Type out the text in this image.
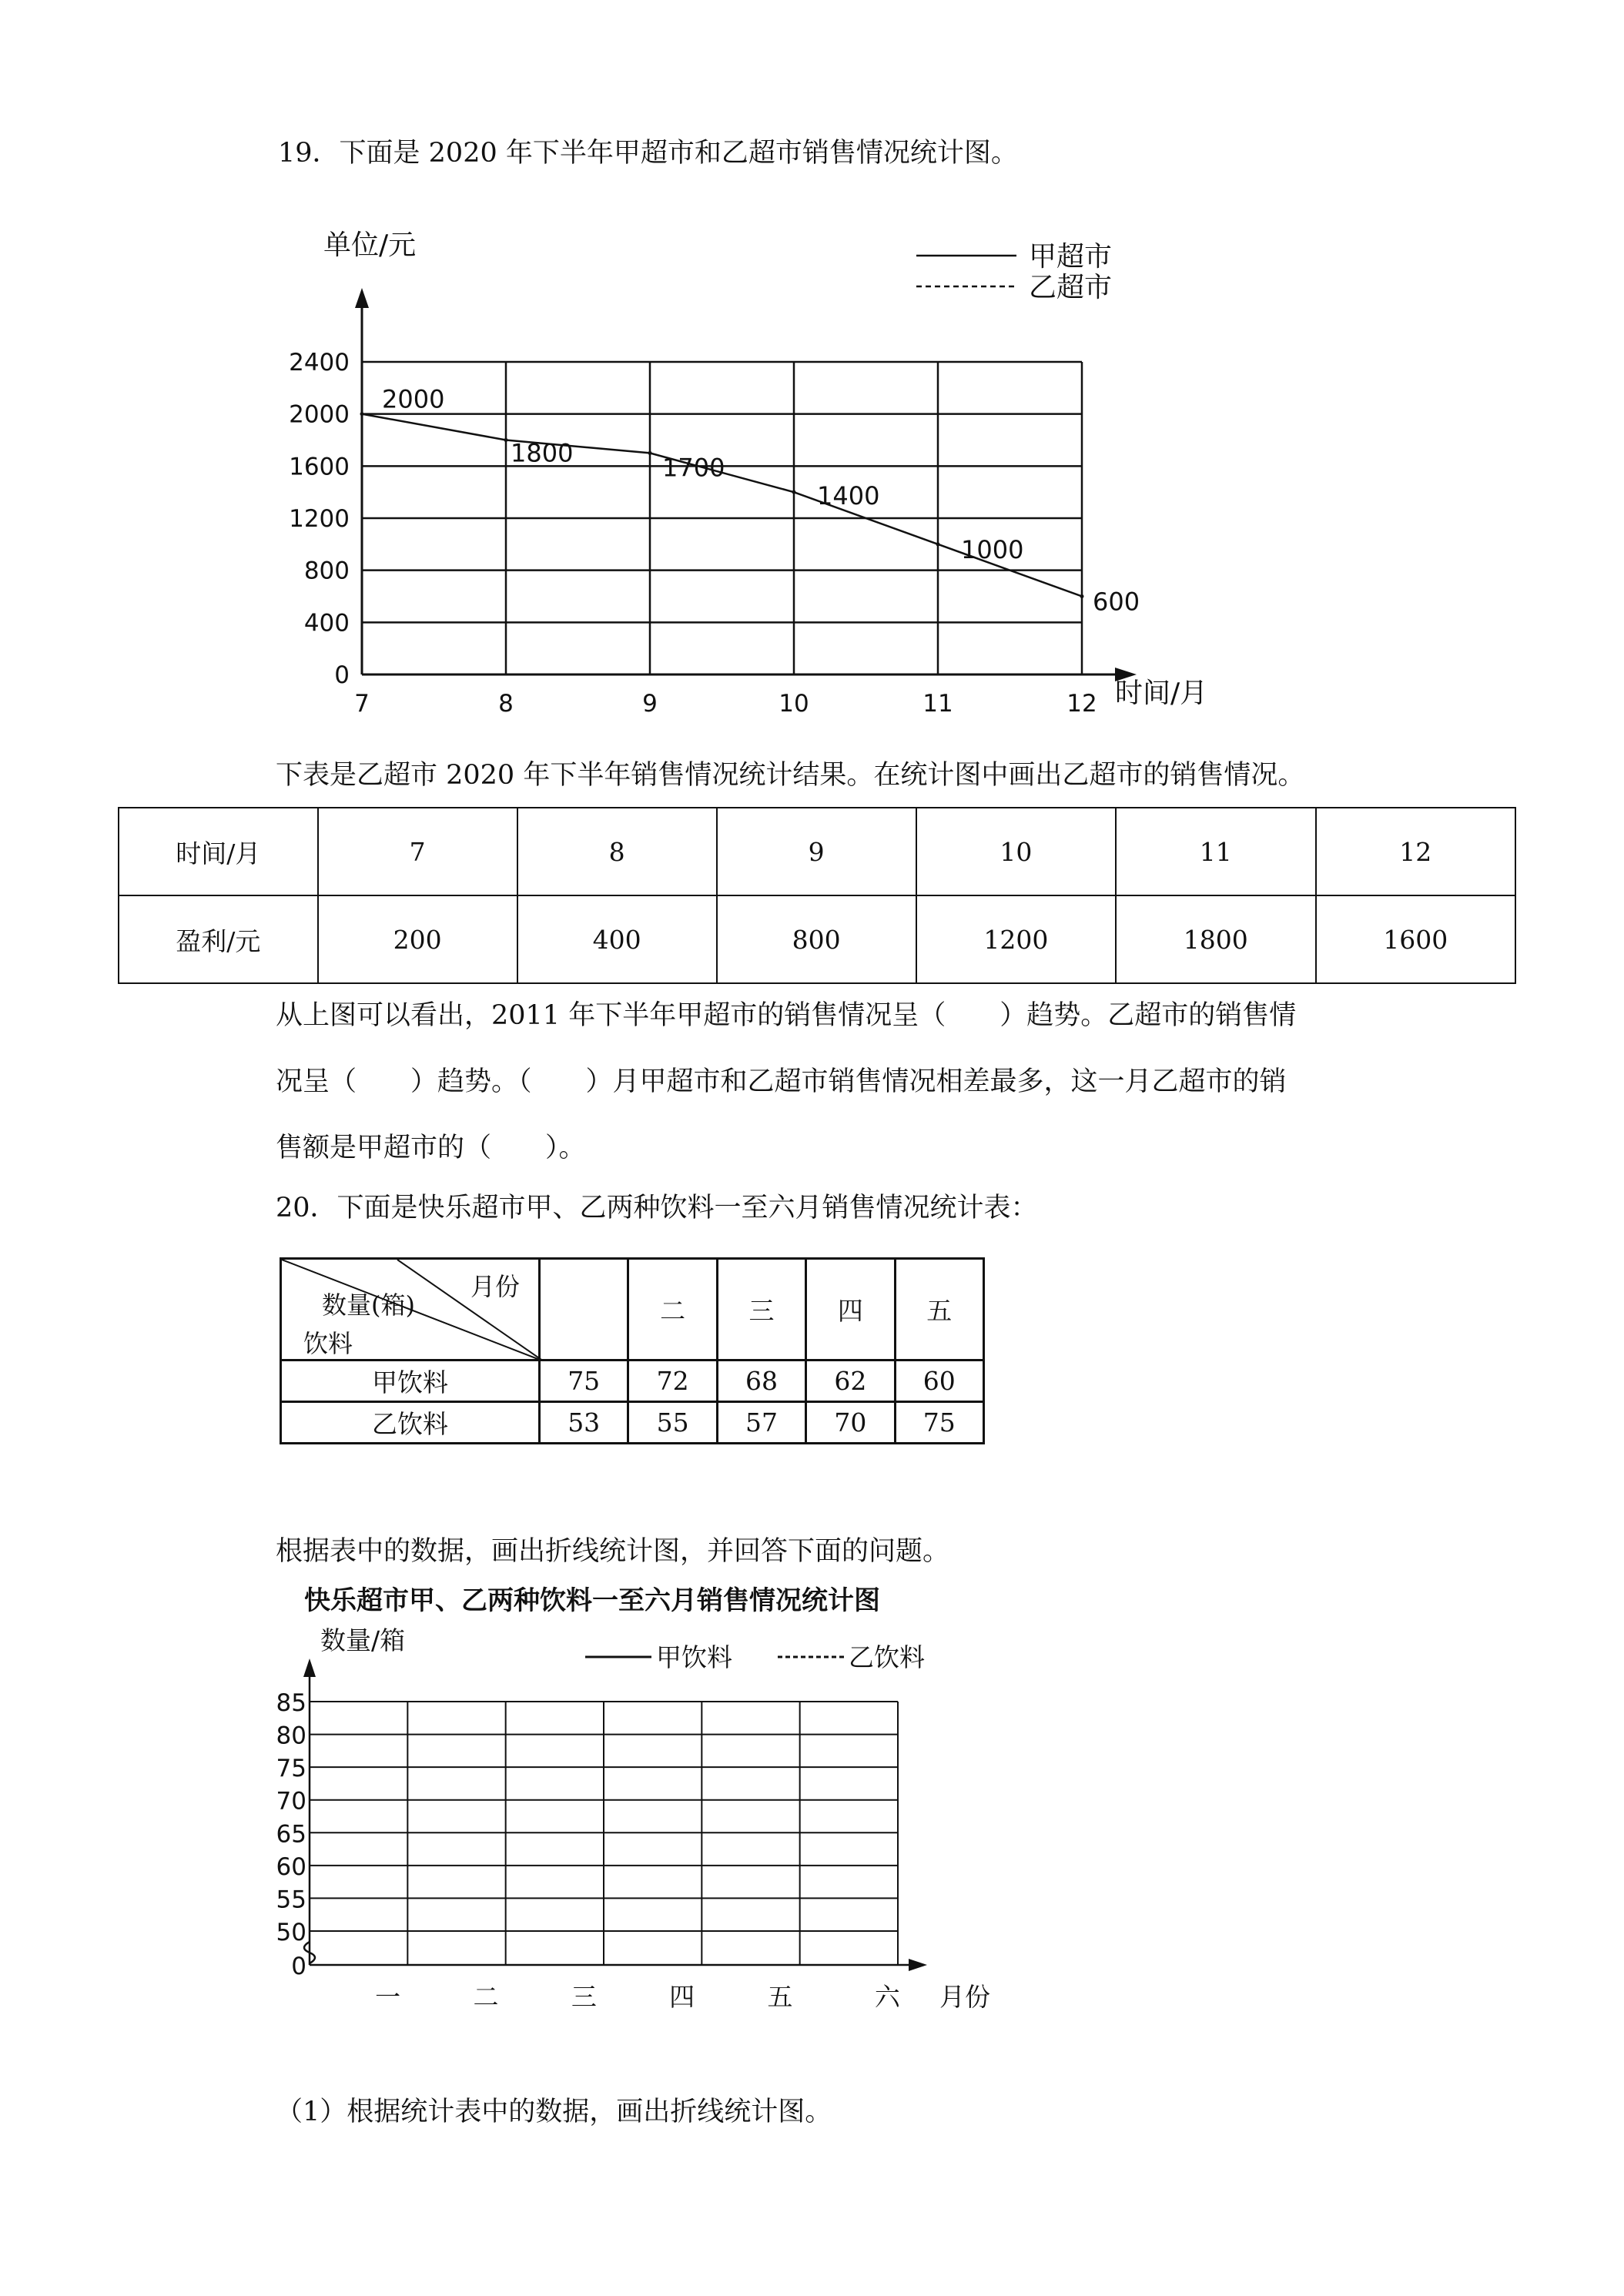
19．下面是 2020 年下半年甲超市和乙超市销售情况统计图。
0
400
800
1200
1600
2000
2400
7	8	9	10	11	12
单位/元
时间/月
甲超市
乙超市
2000
1800	1700
1400
1000
600
下表是乙超市 2020 年下半年销售情况统计结果。在统计图中画出乙超市的销售情况。
时间/月	7	8	9	10	11	12
盈利/元	200	400	800	1200	1800	1600
从上图可以看出，2011 年下半年甲超市的销售情况呈（　　）趋势。乙超市的销售情
况呈（　　）趋势。（　　）月甲超市和乙超市销售情况相差最多，这一月乙超市的销
售额是甲超市的（　　）。
20．下面是快乐超市甲、乙两种饮料一至六月销售情况统计表：
月份
数量(箱)
饮料		二	三	四	五
甲饮料	75	72	68	62	60
乙饮料	53	55	57	70	75
根据表中的数据，画出折线统计图，并回答下面的问题。
快乐超市甲、乙两种饮料一至六月销售情况统计图
数量/箱
甲饮料	乙饮料
0
50
55
60
65
70
75
80
85
一	二	三	四	五	六 月份
（1）根据统计表中的数据，画出折线统计图。
